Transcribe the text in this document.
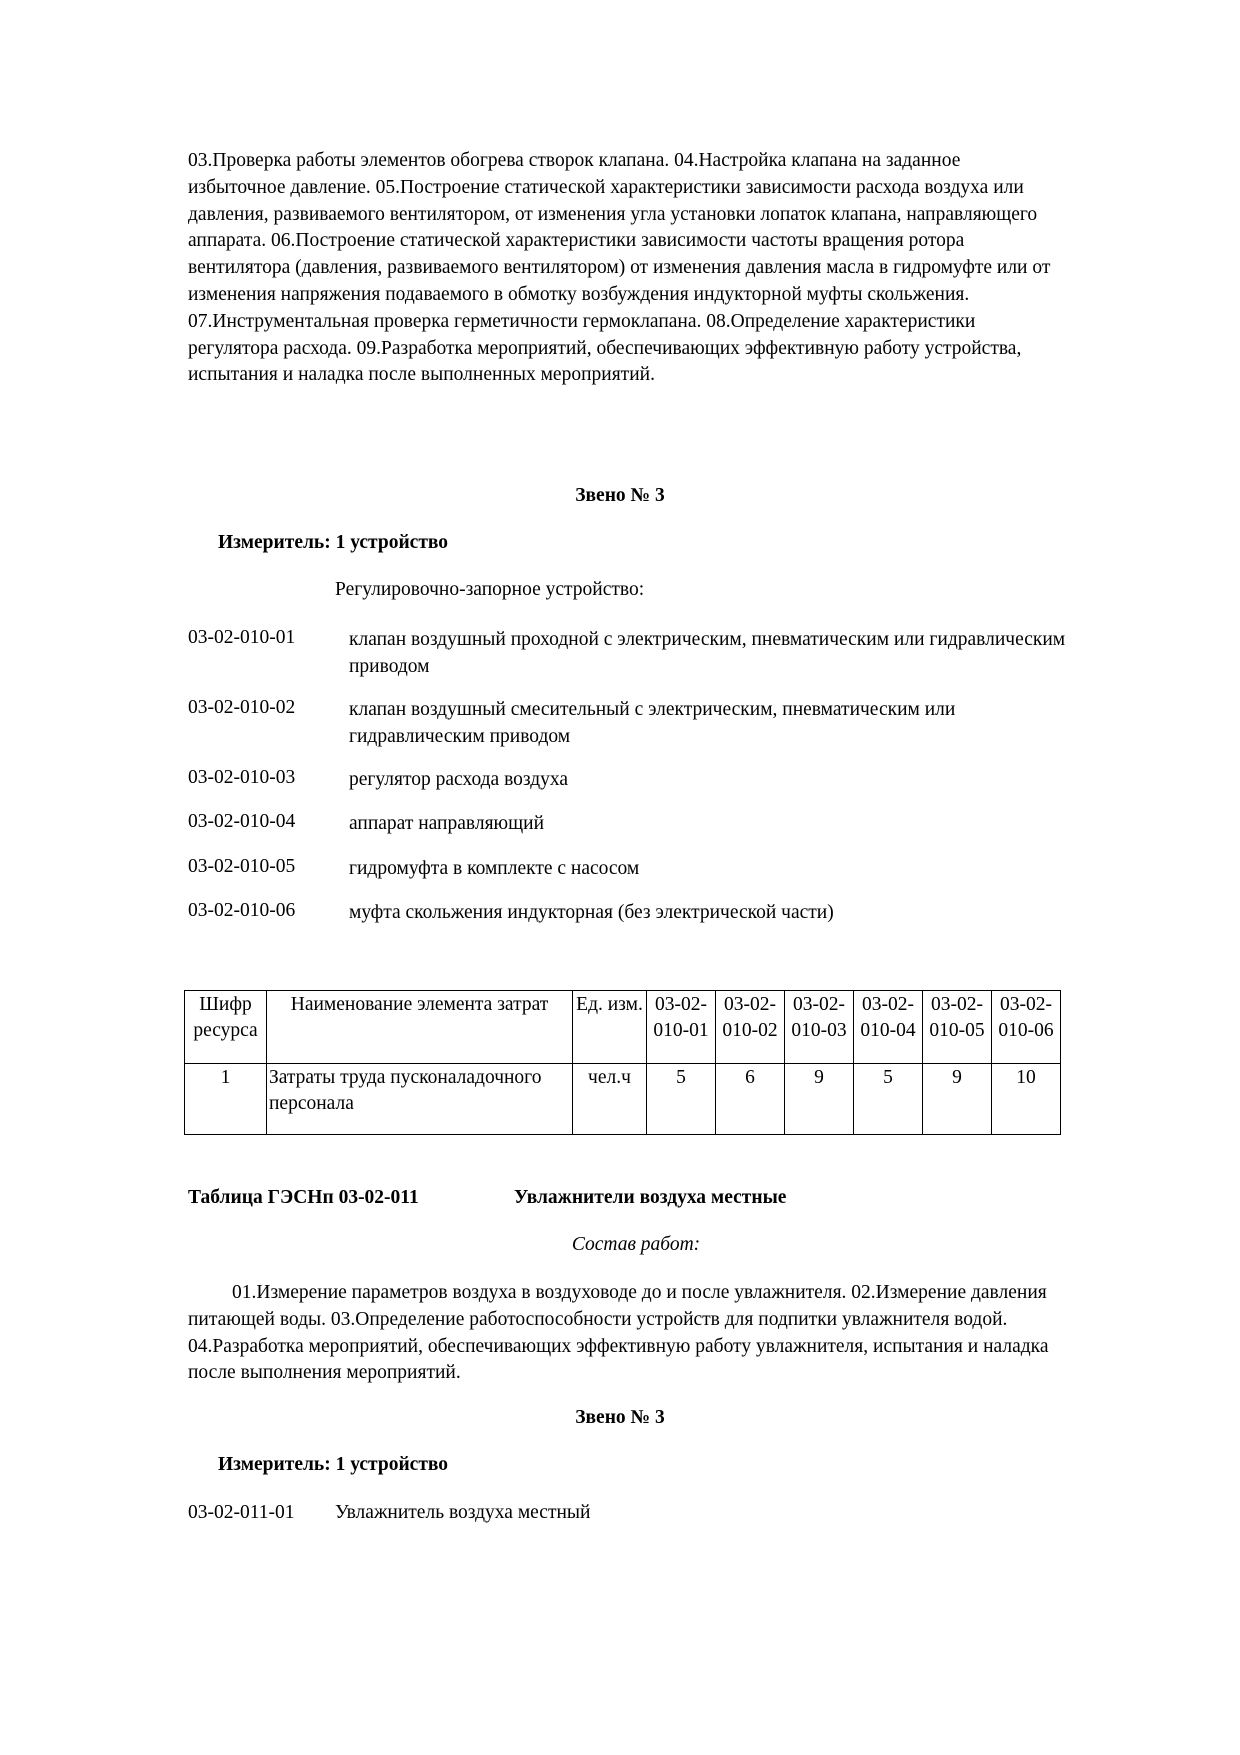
03.Проверка работы элементов обогрева створок клапана. 04.Настройка клапана на заданное избыточное давление. 05.Построение статической характеристики зависимости расхода воздуха или давления, развиваемого вентилятором, от изменения угла установки лопаток клапана, направляющего аппарата. 06.Построение статической характеристики зависимости частоты вращения ротора вентилятора (давления, развиваемого вентилятором) от изменения давления масла в гидромуфте или от изменения напряжения подаваемого в обмотку возбуждения индукторной муфты скольжения. 07.Инструментальная проверка герметичности гермоклапана. 08.Определение характеристики регулятора расхода. 09.Разработка мероприятий, обеспечивающих эффективную работу устройства, испытания и наладка после выполненных мероприятий.
Звено № 3
Измеритель: 1 устройство
Регулировочно-запорное устройство:
03-02-010-01	клапан воздушный проходной с электрическим, пневматическим или гидравлическим приводом
03-02-010-02	клапан воздушный смесительный с электрическим, пневматическим или гидравлическим приводом
03-02-010-03	регулятор расхода воздуха
03-02-010-04	аппарат направляющий
03-02-010-05	гидромуфта в комплекте с насосом
03-02-010-06	муфта скольжения индукторная (без электрической части)
Шифр ресурса	Наименование элемента затрат	Ед. изм.	03-02-010-01	03-02-010-02	03-02-010-03	03-02-010-04	03-02-010-05	03-02-010-06
1	Затраты труда пусконаладочного персонала	чел.ч	5	6	9	5	9	10
Таблица ГЭСНп 03-02-011	Увлажнители воздуха местные
Состав работ:
01.Измерение параметров воздуха в воздуховоде до и после увлажнителя. 02.Измерение давления питающей воды. 03.Определение работоспособности устройств для подпитки увлажнителя водой. 04.Разработка мероприятий, обеспечивающих эффективную работу увлажнителя, испытания и наладка после выполнения мероприятий.
Звено № 3
Измеритель: 1 устройство
03-02-011-01 Увлажнитель воздуха местный
